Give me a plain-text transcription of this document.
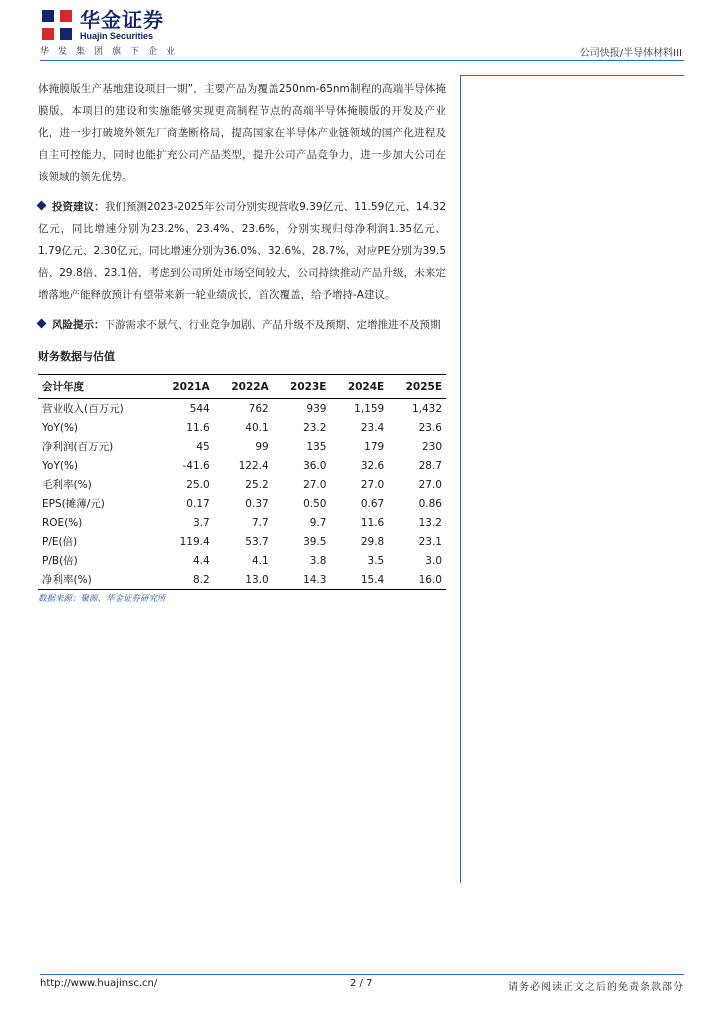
华金证券
Huajin Securities
华发集团旗下企业	公司快报/半导体材料III

体掩膜版生产基地建设项目一期”，主要产品为覆盖250nm-65nm制程的高端半导体掩膜版，本项目的建设和实施能够实现更高制程节点的高端半导体掩膜版的开发及产业化，进一步打破境外领先厂商垄断格局，提高国家在半导体产业链领域的国产化进程及自主可控能力，同时也能扩充公司产品类型，提升公司产品竞争力，进一步加大公司在该领域的领先优势。

投资建议：我们预测2023-2025年公司分别实现营收9.39亿元、11.59亿元、14.32亿元，同比增速分别为23.2%、23.4%、23.6%，分别实现归母净利润1.35亿元、1.79亿元、2.30亿元，同比增速分别为36.0%、32.6%、28.7%，对应PE分别为39.5倍、29.8倍、23.1倍，考虑到公司所处市场空间较大，公司持续推动产品升级，未来定增落地产能释放预计有望带来新一轮业绩成长，首次覆盖，给予增持-A建议。

风险提示：下游需求不景气、行业竞争加剧、产品升级不及预期、定增推进不及预期

财务数据与估值
会计年度	2021A	2022A	2023E	2024E	2025E
营业收入(百万元)	544	762	939	1,159	1,432
YoY(%)	11.6	40.1	23.2	23.4	23.6
净利润(百万元)	45	99	135	179	230
YoY(%)	-41.6	122.4	36.0	32.6	28.7
毛利率(%)	25.0	25.2	27.0	27.0	27.0
EPS(摊薄/元)	0.17	0.37	0.50	0.67	0.86
ROE(%)	3.7	7.7	9.7	11.6	13.2
P/E(倍)	119.4	53.7	39.5	29.8	23.1
P/B(倍)	4.4	4.1	3.8	3.5	3.0
净利率(%)	8.2	13.0	14.3	15.4	16.0
数据来源：聚源、华金证券研究所
http://www.huajinsc.cn/	2 / 7	请务必阅读正文之后的免责条款部分
